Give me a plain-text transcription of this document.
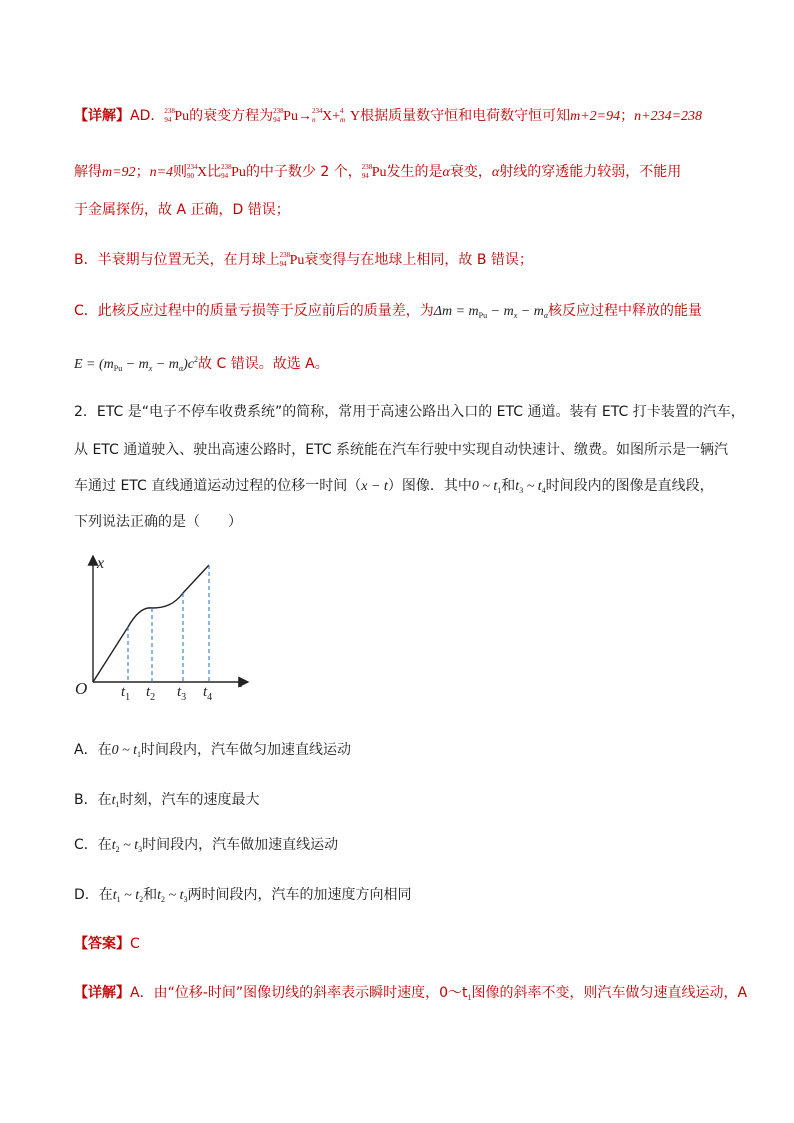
【详解】AD． 238
94 Pu的衰变方程为 238
94 Pu→ 234
n X+ 4
m Y根据质量数守恒和电荷数守恒可知m+2=94；n+234=238
解得m=92；n=4则 234
90 X比 238
94 Pu的中子数少 2 个， 238
94 Pu发生的是α衰变，α射线的穿透能力较弱，不能用
于金属探伤，故 A 正确，D 错误；
B．半衰期与位置无关，在月球上 238
94 Pu衰变得与在地球上相同，故 B 错误；
C．此核反应过程中的质量亏损等于反应前后的质量差，为$\Delta m = m_{Pu} - m_x - m_\alpha$核反应过程中释放的能量
$E = (m_{Pu} - m_x - m_\alpha)c^2$故 C 错误。故选 A。
2．ETC 是“电子不停车收费系统”的简称，常用于高速公路出入口的 ETC 通道。装有 ETC 打卡装置的汽车，
从 ETC 通道驶入、驶出高速公路时，ETC 系统能在汽车行驶中实现自动快速计、缴费。如图所示是一辆汽
车通过 ETC 直线通道运动过程的位移一时间（x − t）图像．其中0 ~ $t_1$和$t_3$ ~ $t_4$时间段内的图像是直线段，
下列说法正确的是（　　）
x
t
O $t_1$ $t_2$ $t_3$ $t_4$
A．在0 ~ $t_1$时间段内，汽车做匀加速直线运动
B．在$t_1$时刻，汽车的速度最大
C．在$t_2$ ~ $t_3$时间段内，汽车做加速直线运动
D．在$t_1$ ~ $t_2$和$t_2$ ~ $t_3$两时间段内，汽车的加速度方向相同
【答案】C
【详解】A．由“位移-时间”图像切线的斜率表示瞬时速度，$0\sim t_1$图像的斜率不变，则汽车做匀速直线运动，A
